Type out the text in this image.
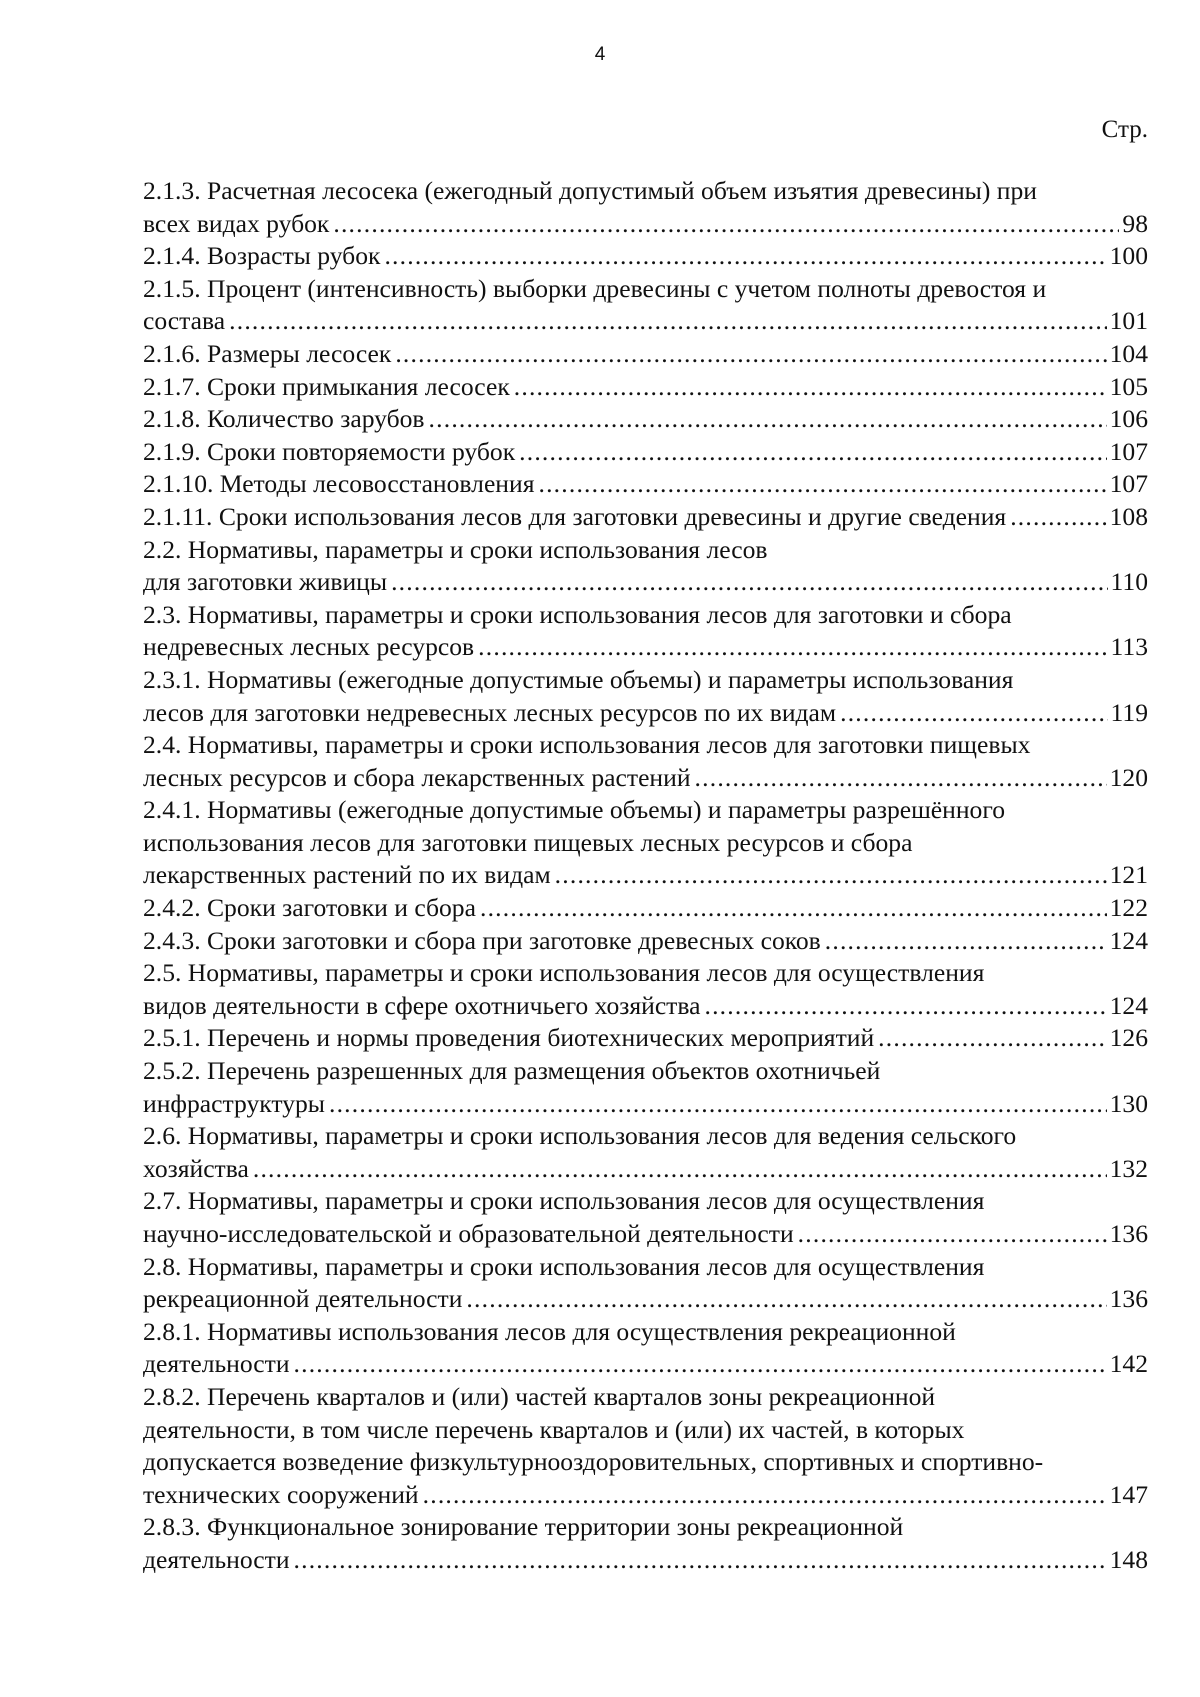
4
Стр.
2.1.3. Расчетная лесосека (ежегодный допустимый объем изъятия древесины) при
всех видах рубок .....	98
2.1.4. Возрасты рубок .....	100
2.1.5. Процент (интенсивность) выборки древесины с учетом полноты древостоя и
состава .....	101
2.1.6. Размеры лесосек .....	104
2.1.7. Сроки примыкания лесосек .....	105
2.1.8. Количество зарубов .....	106
2.1.9. Сроки повторяемости рубок .....	107
2.1.10. Методы лесовосстановления .....	107
2.1.11. Сроки использования лесов для заготовки древесины и другие сведения .....	108
2.2. Нормативы, параметры и сроки использования лесов
для заготовки живицы .....	110
2.3. Нормативы, параметры и сроки использования лесов для заготовки и сбора
недревесных лесных ресурсов .....	113
2.3.1. Нормативы (ежегодные допустимые объемы) и параметры использования
лесов для заготовки недревесных лесных ресурсов по их видам .....	119
2.4. Нормативы, параметры и сроки использования лесов для заготовки пищевых
лесных ресурсов и сбора лекарственных растений .....	120
2.4.1. Нормативы (ежегодные допустимые объемы) и параметры разрешённого
использования лесов для заготовки пищевых лесных ресурсов и сбора
лекарственных растений по их видам .....	121
2.4.2. Сроки заготовки и сбора .....	122
2.4.3. Сроки заготовки и сбора при заготовке древесных соков .....	124
2.5. Нормативы, параметры и сроки использования лесов для осуществления
видов деятельности в сфере охотничьего хозяйства .....	124
2.5.1. Перечень и нормы проведения биотехнических мероприятий .....	126
2.5.2. Перечень разрешенных для размещения объектов охотничьей
инфраструктуры .....	130
2.6. Нормативы, параметры и сроки использования лесов для ведения сельского
хозяйства .....	132
2.7. Нормативы, параметры и сроки использования лесов для осуществления
научно-исследовательской и образовательной деятельности .....	136
2.8. Нормативы, параметры и сроки использования лесов для осуществления
рекреационной деятельности .....	136
2.8.1. Нормативы использования лесов для осуществления рекреационной
деятельности .....	142
2.8.2. Перечень кварталов и (или) частей кварталов зоны рекреационной
деятельности, в том числе перечень кварталов и (или) их частей, в которых
допускается возведение физкультурнооздоровительных, спортивных и спортивно-
технических сооружений .....	147
2.8.3. Функциональное зонирование территории зоны рекреационной
деятельности .....	148
